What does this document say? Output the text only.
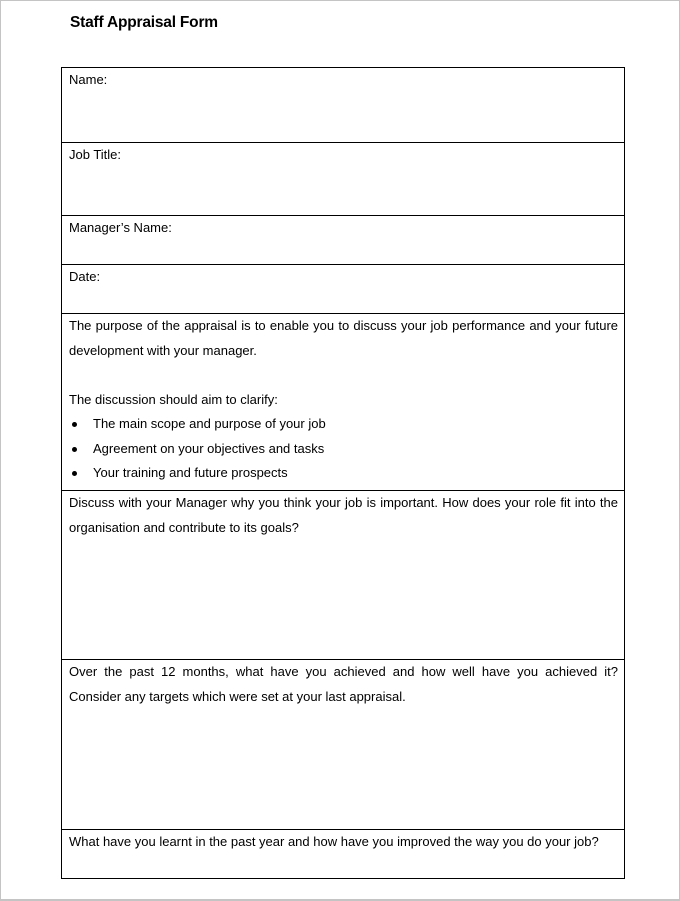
Staff Appraisal Form

Name:

Job Title:

Manager’s Name:

Date:

The purpose of the appraisal is to enable you to discuss your job performance and your future development with your manager.

The discussion should aim to clarify:

The main scope and purpose of your job
Agreement on your objectives and tasks
Your training and future prospects

Discuss with your Manager why you think your job is important. How does your role fit into the organisation and contribute to its goals?

Over the past 12 months, what have you achieved and how well have you achieved it? Consider any targets which were set at your last appraisal.

What have you learnt in the past year and how have you improved the way you do your job?
